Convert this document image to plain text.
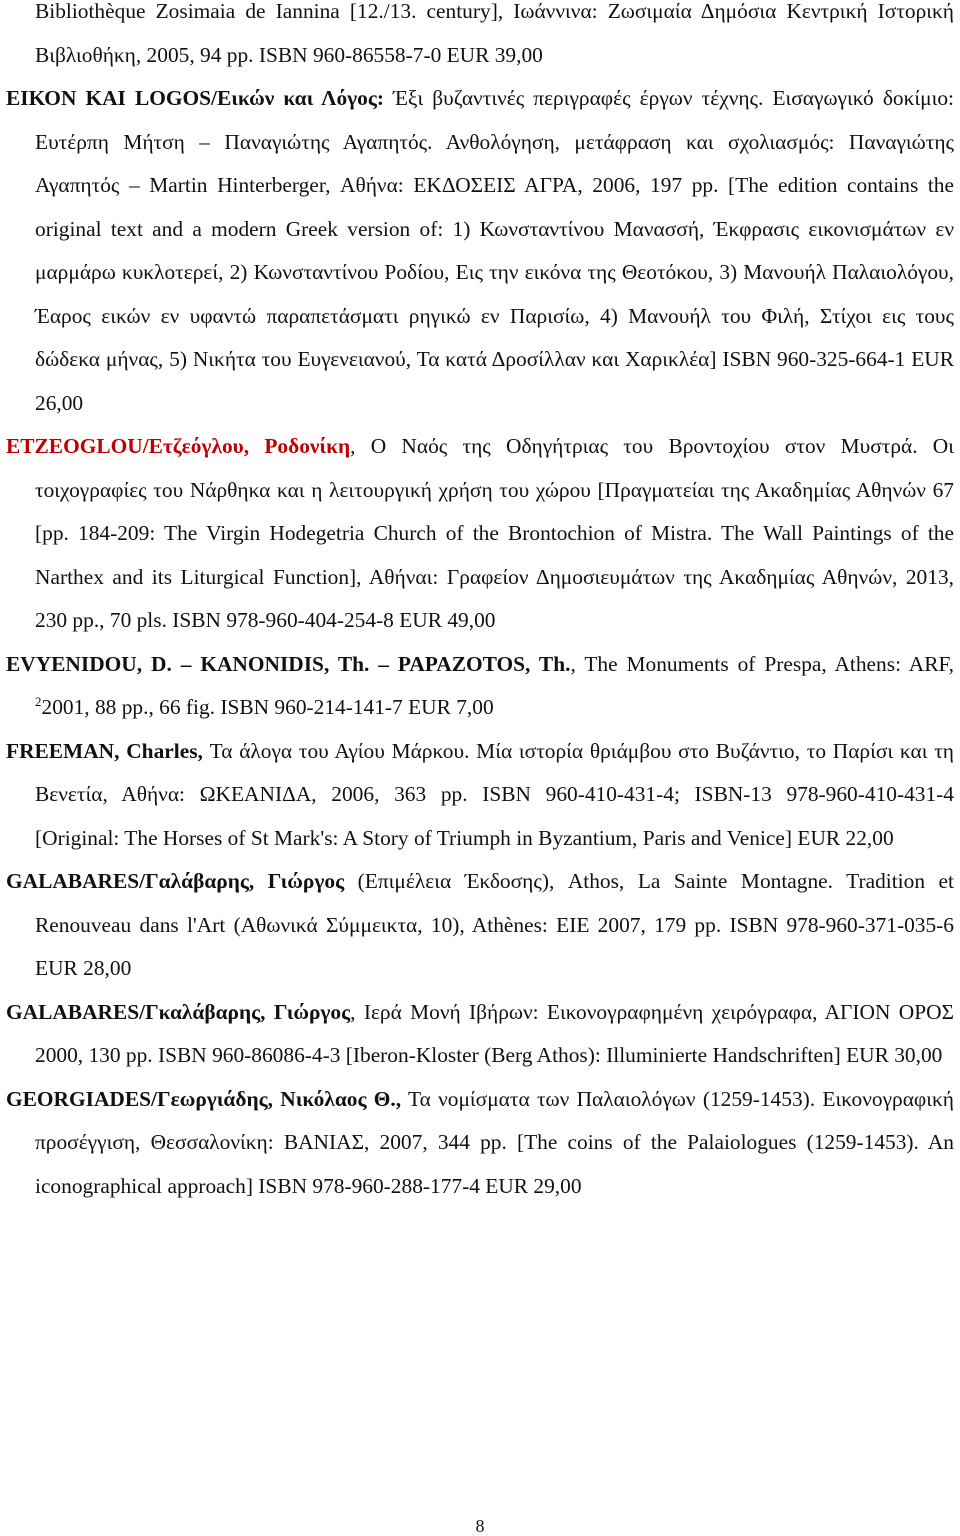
Bibliothèque Zosimaia de Iannina [12./13. century], Ιωάννινα: Ζωσιμαία Δημόσια Κεντρική Ιστορική Βιβλιοθήκη, 2005, 94 pp. ISBN 960-86558-7-0 EUR 39,00

ΕΙΚΟΝ ΚΑΙ LOGOS/Εικών και Λόγος: Έξι βυζαντινές περιγραφές έργων τέχνης. Εισαγωγικό δοκίμιο: Ευτέρπη Μήτση – Παναγιώτης Αγαπητός. Ανθολόγηση, μετάφραση και σχολιασμός: Παναγιώτης Αγαπητός – Martin Hinterberger, Αθήνα: ΕΚΔΟΣΕΙΣ ΑΓΡΑ, 2006, 197 pp. [The edition contains the original text and a modern Greek version of: 1) Κωνσταντίνου Μανασσή, Έκφρασις εικονισμάτων εν μαρμάρω κυκλοτερεί, 2) Κωνσταντίνου Ροδίου, Εις την εικόνα της Θεοτόκου, 3) Μανουήλ Παλαιολόγου, Έαρος εικών εν υφαντώ παραπετάσματι ρηγικώ εν Παρισίω, 4) Μανουήλ του Φιλή, Στίχοι εις τους δώδεκα μήνας, 5) Νικήτα του Ευγενειανού, Τα κατά Δροσίλλαν και Χαρικλέα] ISBN 960-325-664-1 EUR 26,00

ETZEOGLOU/Ετζεόγλου, Ροδονίκη, Ο Ναός της Οδηγήτριας του Βροντοχίου στον Μυστρά. Οι τοιχογραφίες του Νάρθηκα και η λειτουργική χρήση του χώρου [Πραγματείαι της Ακαδημίας Αθηνών 67 [pp. 184-209: The Virgin Hodegetria Church of the Brontochion of Mistra. The Wall Paintings of the Narthex and its Liturgical Function], Αθήναι: Γραφείον Δημοσιευμάτων της Ακαδημίας Αθηνών, 2013, 230 pp., 70 pls. ISBN 978-960-404-254-8 EUR 49,00

EVYENIDOU, D. – KANONIDIS, Th. – PAPAZOTOS, Th., The Monuments of Prespa, Athens: ARF, $^2$2001, 88 pp., 66 fig. ISBN 960-214-141-7 EUR 7,00

FREEMAN, Charles, Τα άλογα του Αγίου Μάρκου. Μία ιστορία θριάμβου στο Βυζάντιο, το Παρίσι και τη Βενετία, Αθήνα: ΩΚΕΑΝΙΔΑ, 2006, 363 pp. ISBN 960-410-431-4; ISBN-13 978-960-410-431-4 [Original: The Horses of St Mark's: A Story of Triumph in Byzantium, Paris and Venice] EUR 22,00

GALABARES/Γαλάβαρης, Γιώργος (Επιμέλεια Έκδοσης), Athos, La Sainte Montagne. Tradition et Renouveau dans l'Art (Αθωνικά Σύμμεικτα, 10), Athènes: EIE 2007, 179 pp. ISBN 978-960-371-035-6 EUR 28,00

GALABARES/Γκαλάβαρης, Γιώργος, Ιερά Μονή Ιβήρων: Εικονογραφημένη χειρόγραφα, ΑΓΙΟΝ ΟΡΟΣ 2000, 130 pp. ISBN 960-86086-4-3 [Iberon-Kloster (Berg Athos): Illuminierte Handschriften] EUR 30,00

GEORGIADES/Γεωργιάδης, Νικόλαος Θ., Τα νομίσματα των Παλαιολόγων (1259-1453). Εικονογραφική προσέγγιση, Θεσσαλονίκη: ΒΑΝΙΑΣ, 2007, 344 pp. [The coins of the Palaiologues (1259-1453). An iconographical approach] ISBN 978-960-288-177-4 EUR 29,00

8
